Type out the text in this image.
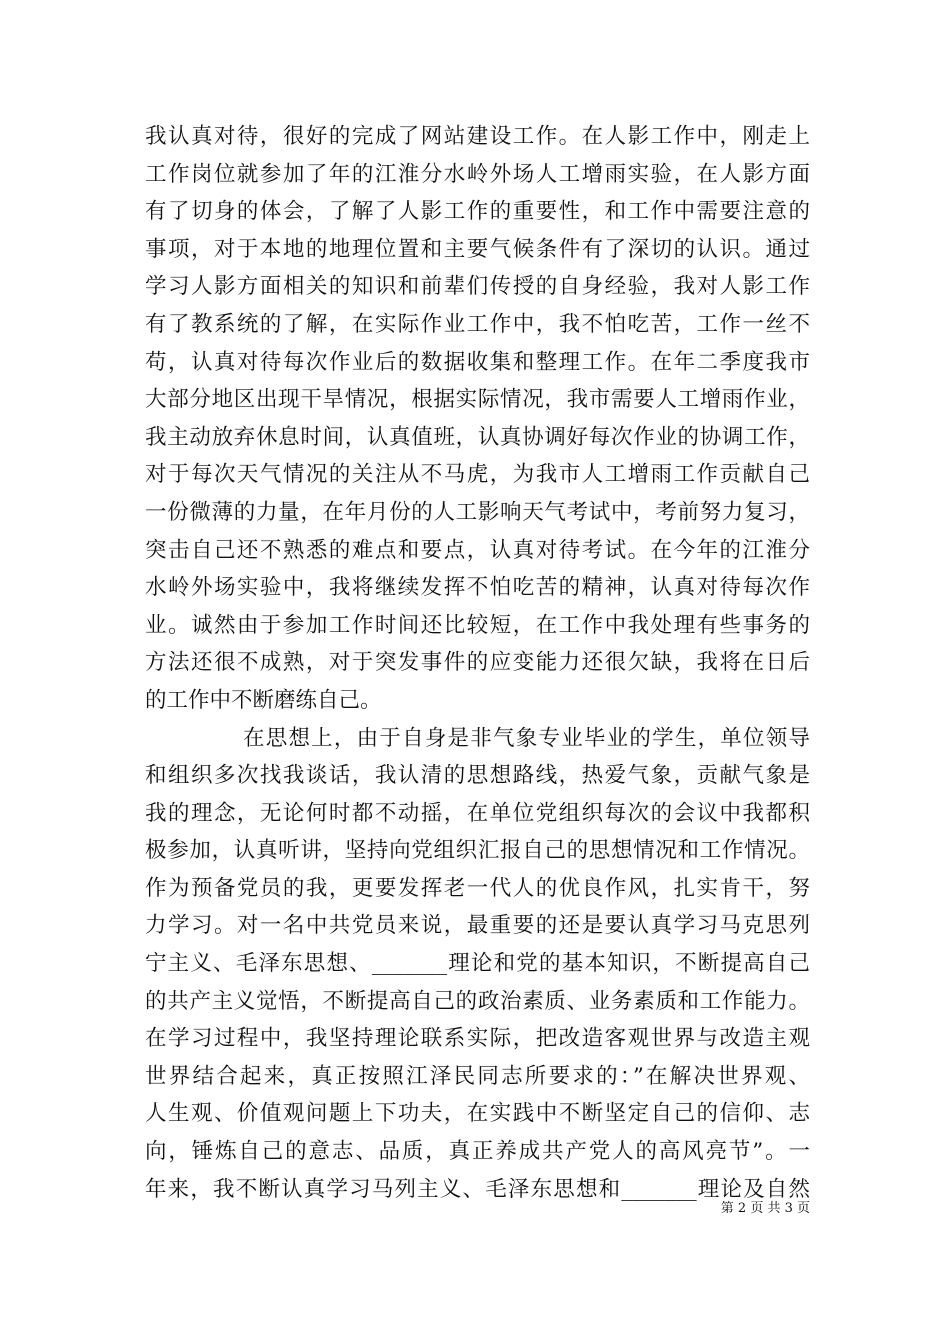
我认真对待，很好的完成了网站建设工作。在人影工作中，刚走上
工作岗位就参加了年的江淮分水岭外场人工增雨实验，在人影方面
有了切身的体会，了解了人影工作的重要性，和工作中需要注意的
事项，对于本地的地理位置和主要气候条件有了深切的认识。通过
学习人影方面相关的知识和前辈们传授的自身经验，我对人影工作
有了教系统的了解，在实际作业工作中，我不怕吃苦，工作一丝不
苟，认真对待每次作业后的数据收集和整理工作。在年二季度我市
大部分地区出现干旱情况，根据实际情况，我市需要人工增雨作业，
我主动放弃休息时间，认真值班，认真协调好每次作业的协调工作，
对于每次天气情况的关注从不马虎，为我市人工增雨工作贡献自己
一份微薄的力量，在年月份的人工影响天气考试中，考前努力复习，
突击自己还不熟悉的难点和要点，认真对待考试。在今年的江淮分
水岭外场实验中，我将继续发挥不怕吃苦的精神，认真对待每次作
业。诚然由于参加工作时间还比较短，在工作中我处理有些事务的
方法还很不成熟，对于突发事件的应变能力还很欠缺，我将在日后
的工作中不断磨练自己。
在思想上，由于自身是非气象专业毕业的学生，单位领导
和组织多次找我谈话，我认清的思想路线，热爱气象，贡献气象是
我的理念，无论何时都不动摇，在单位党组织每次的会议中我都积
极参加，认真听讲，坚持向党组织汇报自己的思想情况和工作情况。
作为预备党员的我，更要发挥老一代人的优良作风，扎实肯干，努
力学习。对一名中共党员来说，最重要的还是要认真学习马克思列
宁主义、毛泽东思想、_______理论和党的基本知识，不断提高自己
的共产主义觉悟，不断提高自己的政治素质、业务素质和工作能力。
在学习过程中，我坚持理论联系实际，把改造客观世界与改造主观
世界结合起来，真正按照江泽民同志所要求的：”在解决世界观、
人生观、价值观问题上下功夫，在实践中不断坚定自己的信仰、志
向，锤炼自己的意志、品质，真正养成共产党人的高风亮节”。一
年来，我不断认真学习马列主义、毛泽东思想和_______理论及自然
第 2 页 共 3 页
